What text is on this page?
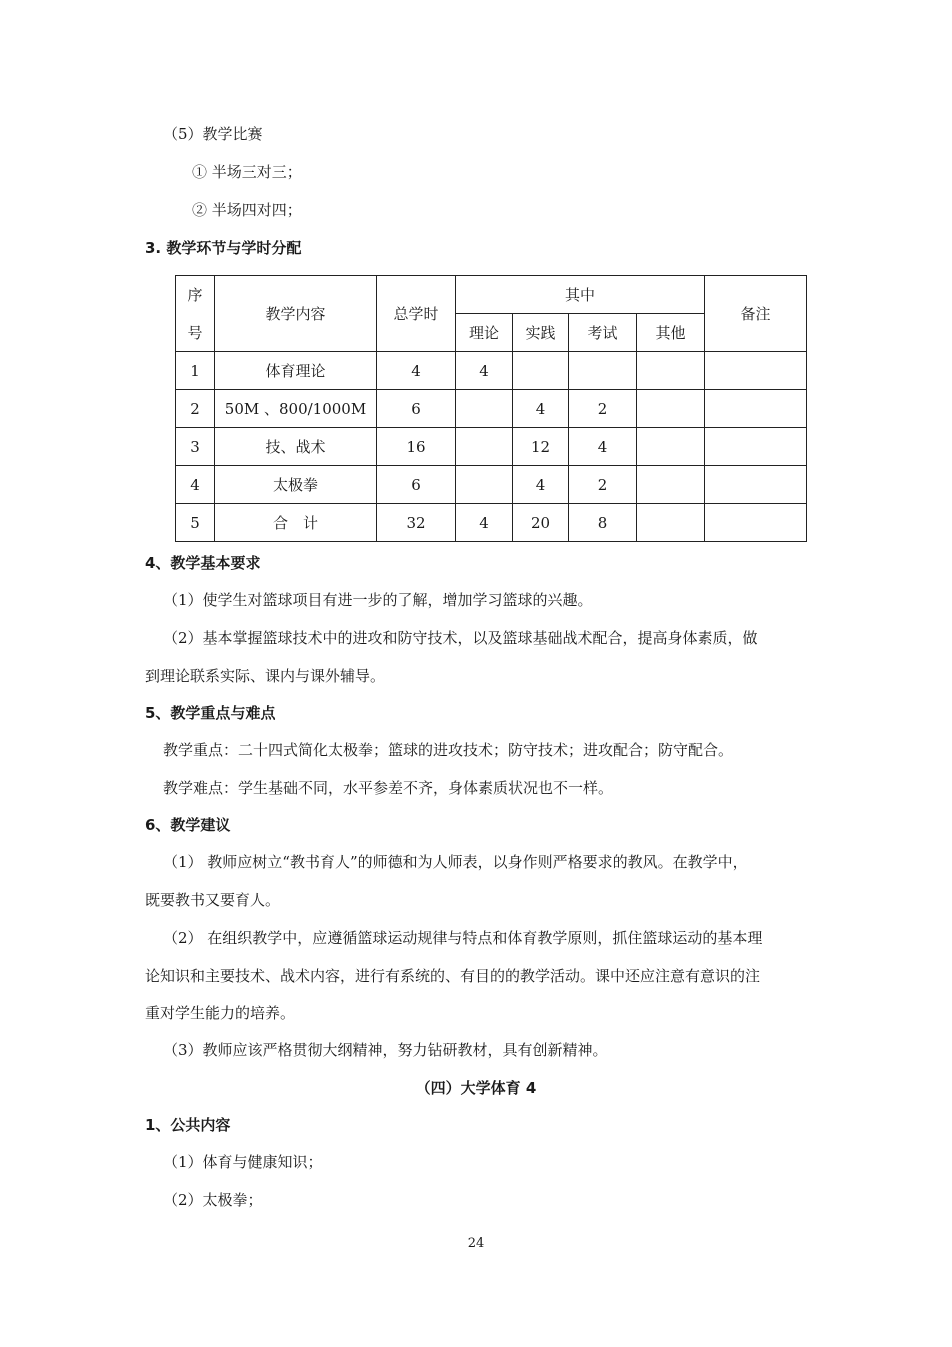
（5）教学比赛
① 半场三对三；
② 半场四对四；
3. 教学环节与学时分配
序	教学内容	总学时	其中				备注
号			理论	实践	考试	其他	
1	体育理论	4	4				
2	50M 、800/1000M	6		4	2		
3	技、战术	16		12	4		
4	太极拳	6		4	2		
5	合　计	32	4	20	8		
4、教学基本要求
（1）使学生对篮球项目有进一步的了解，增加学习篮球的兴趣。
（2）基本掌握篮球技术中的进攻和防守技术，以及篮球基础战术配合，提高身体素质，做
到理论联系实际、课内与课外辅导。
5、教学重点与难点
教学重点：二十四式简化太极拳；篮球的进攻技术；防守技术；进攻配合；防守配合。
教学难点：学生基础不同，水平参差不齐，身体素质状况也不一样。
6、教学建议
（1） 教师应树立“教书育人”的师德和为人师表，以身作则严格要求的教风。在教学中，
既要教书又要育人。
（2） 在组织教学中，应遵循篮球运动规律与特点和体育教学原则，抓住篮球运动的基本理
论知识和主要技术、战术内容，进行有系统的、有目的的教学活动。课中还应注意有意识的注
重对学生能力的培养。
（3）教师应该严格贯彻大纲精神，努力钻研教材，具有创新精神。
（四）大学体育 4
1、公共内容
（1）体育与健康知识；
（2）太极拳；
24
